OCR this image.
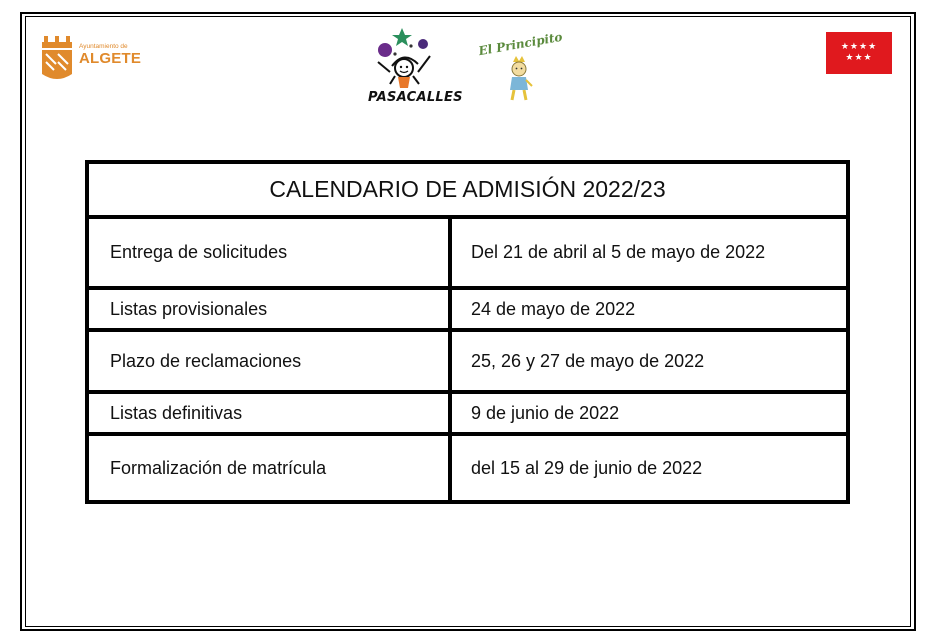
Ayuntamiento de
ALGETE
PASACALLES
El Principito	★★★★ ★★★
CALENDARIO DE ADMISIÓN 2022/23
Entrega de solicitudes	Del 21 de abril al 5 de mayo de 2022
Listas provisionales	24 de mayo de 2022
Plazo de reclamaciones	25, 26 y 27 de mayo de 2022
Listas definitivas	9 de junio de 2022
Formalización de matrícula	del 15 al 29 de junio de 2022
